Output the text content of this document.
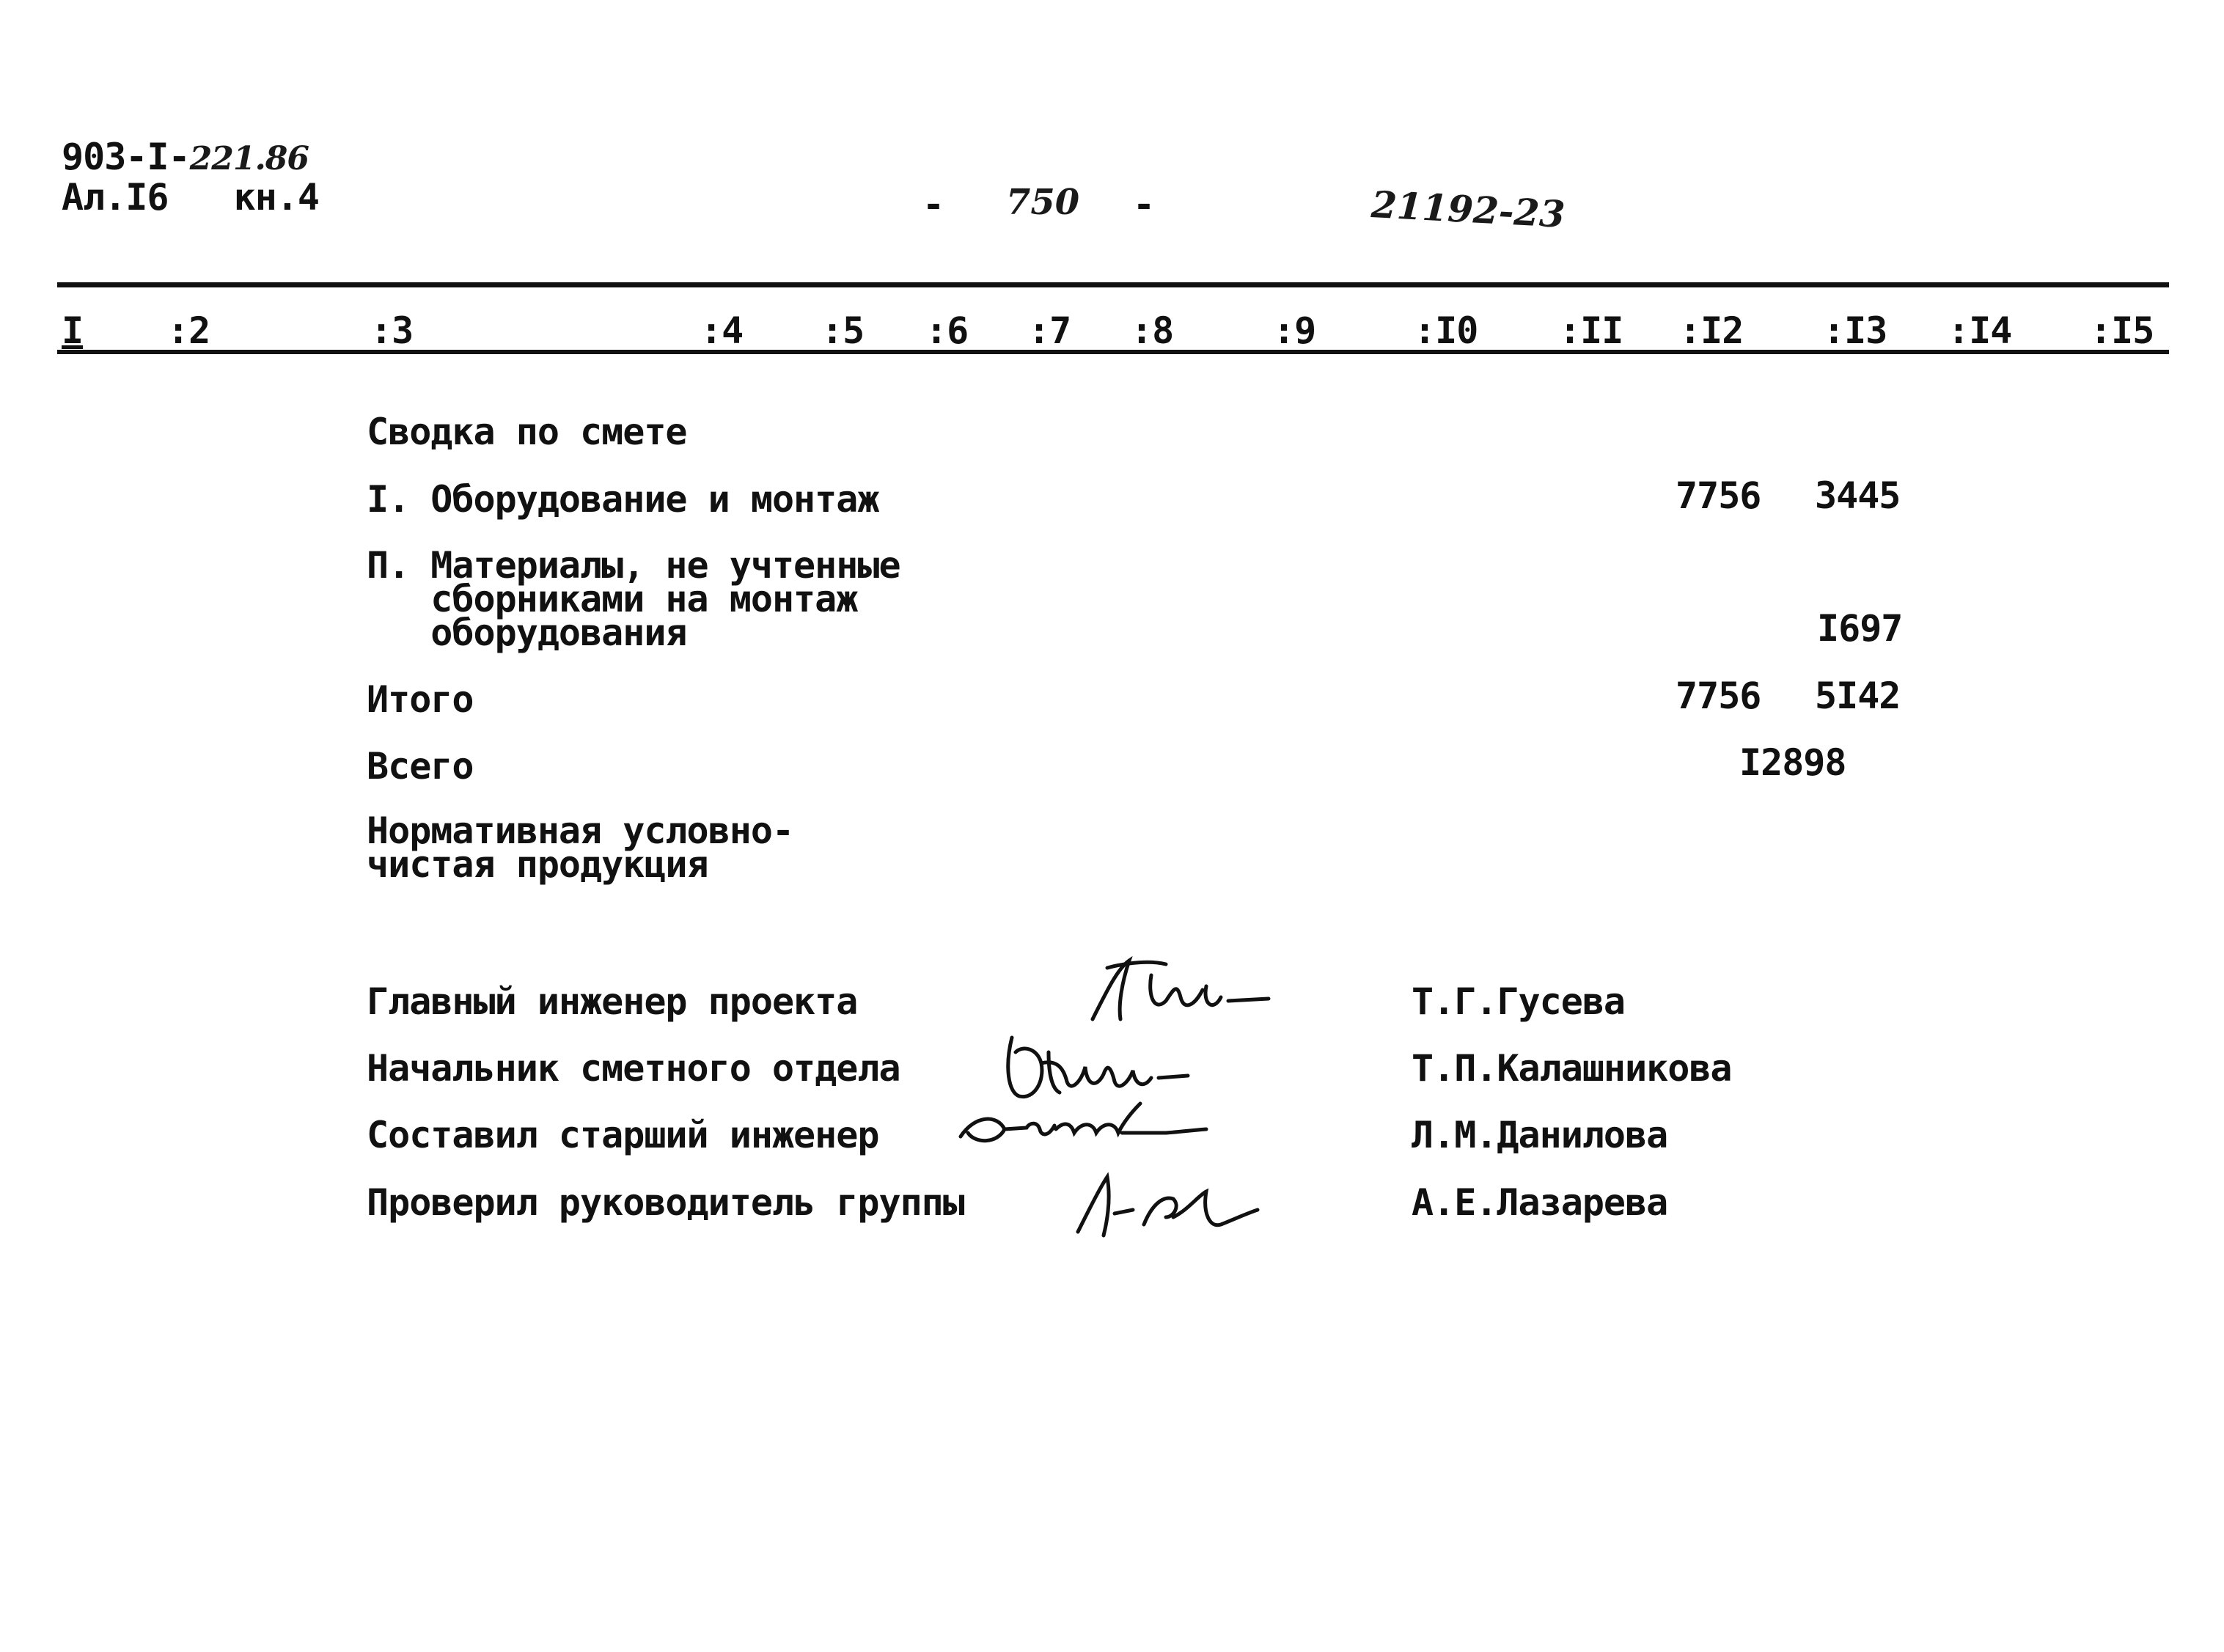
903-I-221.86
Ал.I6 кн.4	- 750 -	21192-23
I :2	:3	:4 :5 :6 :7 :8	:9	:I0 :II :I2 :I3 :I4 :I5
Сводка по смете
I. Оборудование и монтаж	7756 3445
П. Материалы, не учтенные
сборниками на монтаж
оборудования	I697
Итого	7756 5I42
Всего	I2898
Нормативная условно-
чистая продукция
Главный инженер проекта	Т.Г.Гусева
Начальник сметного отдела	Т.П.Калашникова
Составил старший инженер	Л.М.Данилова
Проверил руководитель группы	А.Е.Лазарева
